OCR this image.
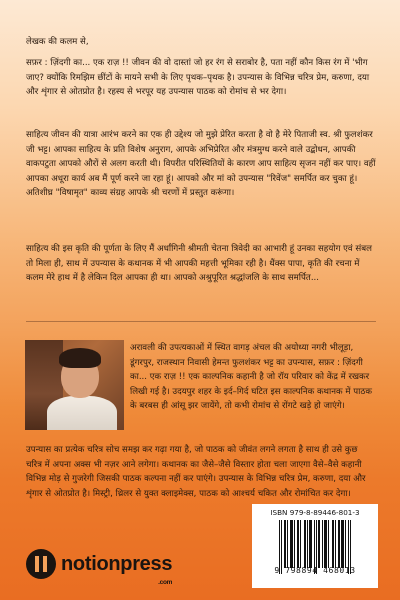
लेखक की कलम से,
सफ़र : ज़िंदगी का... एक राज़ !! जीवन की वो दास्तां जो हर रंग से सराबोर है, पता नहीं कौन किस रंग में 'भीग जाए? क्योंकि रिमझिम छींटों के मायने सभी के लिए पृथक–पृथक है। उपन्यास के विभिन्न चरित्र प्रेम, करुणा, दया और शृंगार से ओतप्रोत है। रहस्य से भरपूर यह उपन्यास पाठक को रोमांच से भर देगा।
साहित्य जीवन की यात्रा आरंभ करने का एक ही उद्देश्य जो मुझे प्रेरित करता है वो है मेरे पिताजी स्व. श्री फुलशंकर जी भट्ट। आपका साहित्य के प्रति विशेष अनुराग, आपके अभिप्रेरित और मंत्रमुग्ध करने वाले उद्बोधन, आपकी वाकपटुता आपको औरों से अलग करती थी। विपरीत परिस्थितियों के कारण आप साहित्य सृजन नहीं कर पाए। वहीं आपका अधूरा कार्य अब मैं पूर्ण करने जा रहा हूं। आपको और मां को उपन्यास "रिवेंज" समर्पित कर चुका हूं। अतिशीघ्र "विषामृत" काव्य संग्रह आपके श्री चरणों में प्रस्तुत करूंगा।
साहित्य की इस कृति की पूर्णता के लिए मैं अर्धांगिनी श्रीमती चेतना त्रिवेदी का आभारी हूं उनका सहयोग एवं संबल तो मिला ही, साथ में उपन्यास के कथानक में भी आपकी महत्ती भूमिका रही है। थैंक्स पापा, कृति की रचना में कलम मेरे हाथ में है लेकिन दिल आपका ही था। आपको अश्रुपूरित श्रद्धांजलि के साथ समर्पित...
अरावली की उपत्यकाओं में स्थित वागड़ अंचल की अयोध्या नगरी भीलूड़ा, डूंगरपुर, राजस्थान निवासी हेमन्त फुलशंकर भट्ट का उपन्यास, सफ़र : ज़िंदगी का... एक राज़ !! एक काल्पनिक कहानी है जो रॉय परिवार को केंद्र में रखकर लिखी गई है। उदयपुर शहर के इर्द–गिर्द घटित इस काल्पनिक कथानक में पाठक के बरबस ही आंसू झर जायेंगे, तो कभी रोमांच से रोंगटे खड़े हो जाएंगे।
उपन्यास का प्रत्येक चरित्र सोच समझ कर गढ़ा गया है, जो पाठक को जीवंत लगने लगता है साथ ही उसे कुछ चरित्र में अपना अक्स भी नज़र आने लगेगा। कथानक का जैसे–जैसे विस्तार होता चला जाएगा वैसे–वैसे कहानी विभिन्न मोड़ से गुजरेगी जिसकी पाठक कल्पना नहीं कर पाएंगे। उपन्यास के विभिन्न चरित्र प्रेम, करुणा, दया और शृंगार से ओतप्रोत है। मिस्ट्री, थ्रिलर से युक्त क्लाइमेक्स, पाठक को आश्चर्य चकित और रोमांचित कर देगा।
ISBN 979-8-89446-801-3
9 798894 468013
notionpress
.com
